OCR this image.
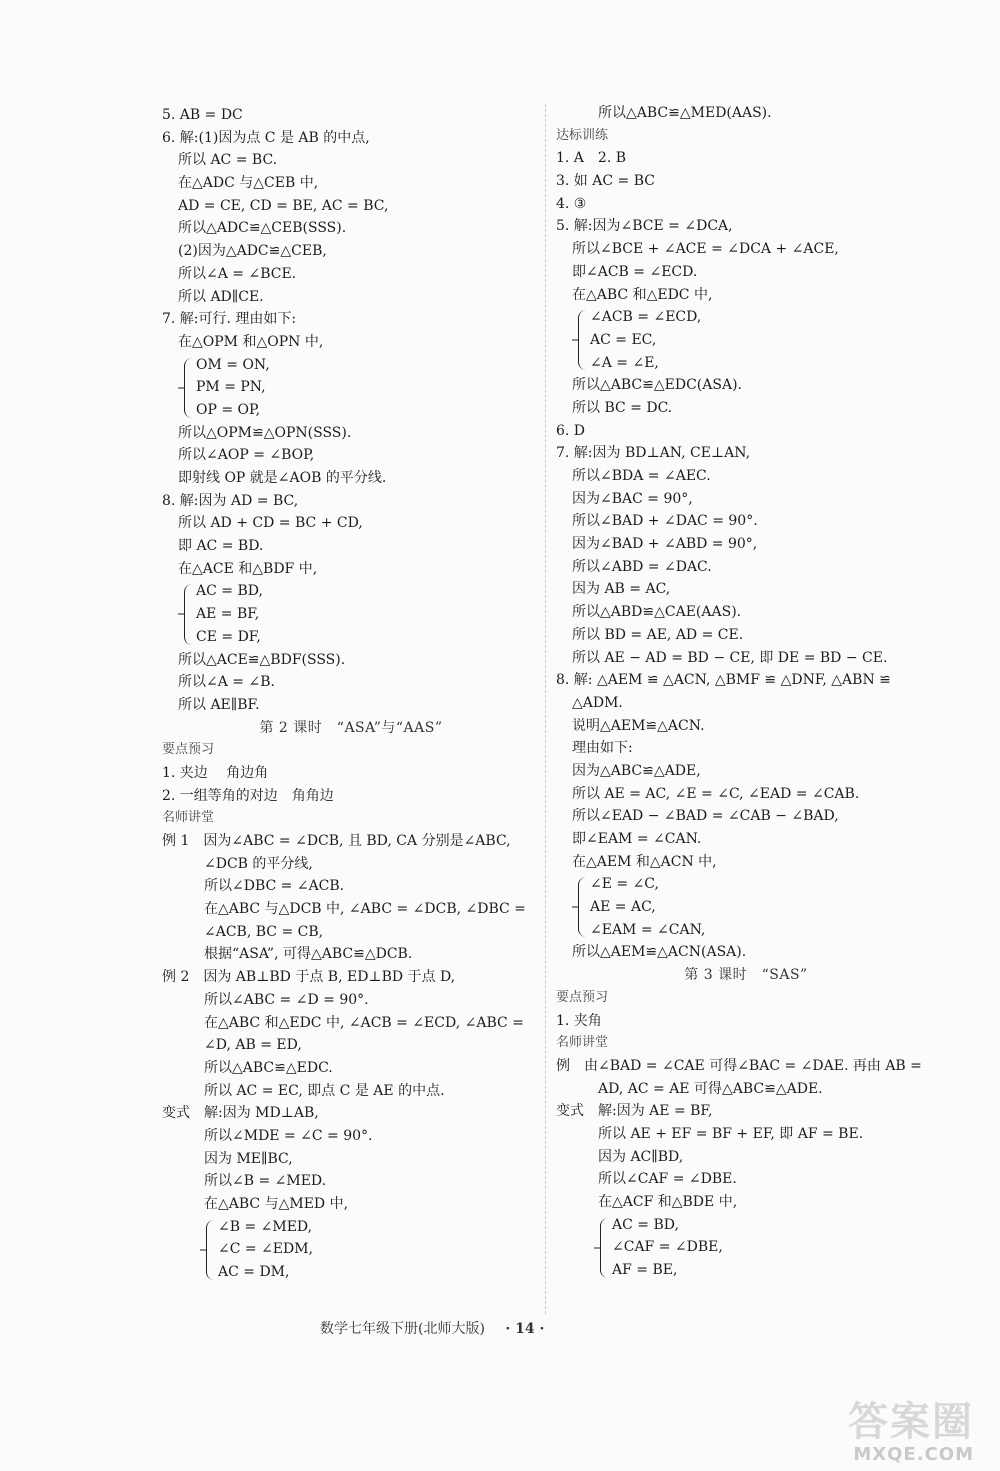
5. AB = DC
6. 解:(1)因为点 C 是 AB 的中点,
所以 AC = BC.
在△ADC 与△CEB 中,
AD = CE, CD = BE, AC = BC,
所以△ADC≌△CEB(SSS).
(2)因为△ADC≌△CEB,
所以∠A = ∠BCE.
所以 AD∥CE.
7. 解:可行. 理由如下:
在△OPM 和△OPN 中,
OM = ON,
PM = PN,
OP = OP,
所以△OPM≌△OPN(SSS).
所以∠AOP = ∠BOP,
即射线 OP 就是∠AOB 的平分线.
8. 解:因为 AD = BC,
所以 AD + CD = BC + CD,
即 AC = BD.
在△ACE 和△BDF 中,
AC = BD,
AE = BF,
CE = DF,
所以△ACE≌△BDF(SSS).
所以∠A = ∠B.
所以 AE∥BF.
第 2 课时　“ASA”与“AAS”
要点预习
1. 夹边　 角边角
2. 一组等角的对边　角角边
名师讲堂
例 1　因为∠ABC = ∠DCB, 且 BD, CA 分别是∠ABC,
∠DCB 的平分线,
所以∠DBC = ∠ACB.
在△ABC 与△DCB 中, ∠ABC = ∠DCB, ∠DBC =
∠ACB, BC = CB,
根据“ASA”, 可得△ABC≌△DCB.
例 2　因为 AB⊥BD 于点 B, ED⊥BD 于点 D,
所以∠ABC = ∠D = 90°.
在△ABC 和△EDC 中, ∠ACB = ∠ECD, ∠ABC =
∠D, AB = ED,
所以△ABC≌△EDC.
所以 AC = EC, 即点 C 是 AE 的中点.
变式　解:因为 MD⊥AB,
所以∠MDE = ∠C = 90°.
因为 ME∥BC,
所以∠B = ∠MED.
在△ABC 与△MED 中,
∠B = ∠MED,
∠C = ∠EDM,
AC = DM,
所以△ABC≌△MED(AAS).
达标训练
1. A　2. B
3. 如 AC = BC
4. ③
5. 解:因为∠BCE = ∠DCA,
所以∠BCE + ∠ACE = ∠DCA + ∠ACE,
即∠ACB = ∠ECD.
在△ABC 和△EDC 中,
∠ACB = ∠ECD,
AC = EC,
∠A = ∠E,
所以△ABC≌△EDC(ASA).
所以 BC = DC.
6. D
7. 解:因为 BD⊥AN, CE⊥AN,
所以∠BDA = ∠AEC.
因为∠BAC = 90°,
所以∠BAD + ∠DAC = 90°.
因为∠BAD + ∠ABD = 90°,
所以∠ABD = ∠DAC.
因为 AB = AC,
所以△ABD≌△CAE(AAS).
所以 BD = AE, AD = CE.
所以 AE − AD = BD − CE, 即 DE = BD − CE.
8. 解: △AEM ≌ △ACN, △BMF ≌ △DNF, △ABN ≌
△ADM.
说明△AEM≌△ACN.
理由如下:
因为△ABC≌△ADE,
所以 AE = AC, ∠E = ∠C, ∠EAD = ∠CAB.
所以∠EAD − ∠BAD = ∠CAB − ∠BAD,
即∠EAM = ∠CAN.
在△AEM 和△ACN 中,
∠E = ∠C,
AE = AC,
∠EAM = ∠CAN,
所以△AEM≌△ACN(ASA).
第 3 课时　“SAS”
要点预习
1. 夹角
名师讲堂
例　由∠BAD = ∠CAE 可得∠BAC = ∠DAE. 再由 AB =
AD, AC = AE 可得△ABC≌△ADE.
变式　解:因为 AE = BF,
所以 AE + EF = BF + EF, 即 AF = BE.
因为 AC∥BD,
所以∠CAF = ∠DBE.
在△ACF 和△BDE 中,
AC = BD,
∠CAF = ∠DBE,
AF = BE,
数学七年级下册(北师大版) · 14 ·
答案圈
MXQE.COM
